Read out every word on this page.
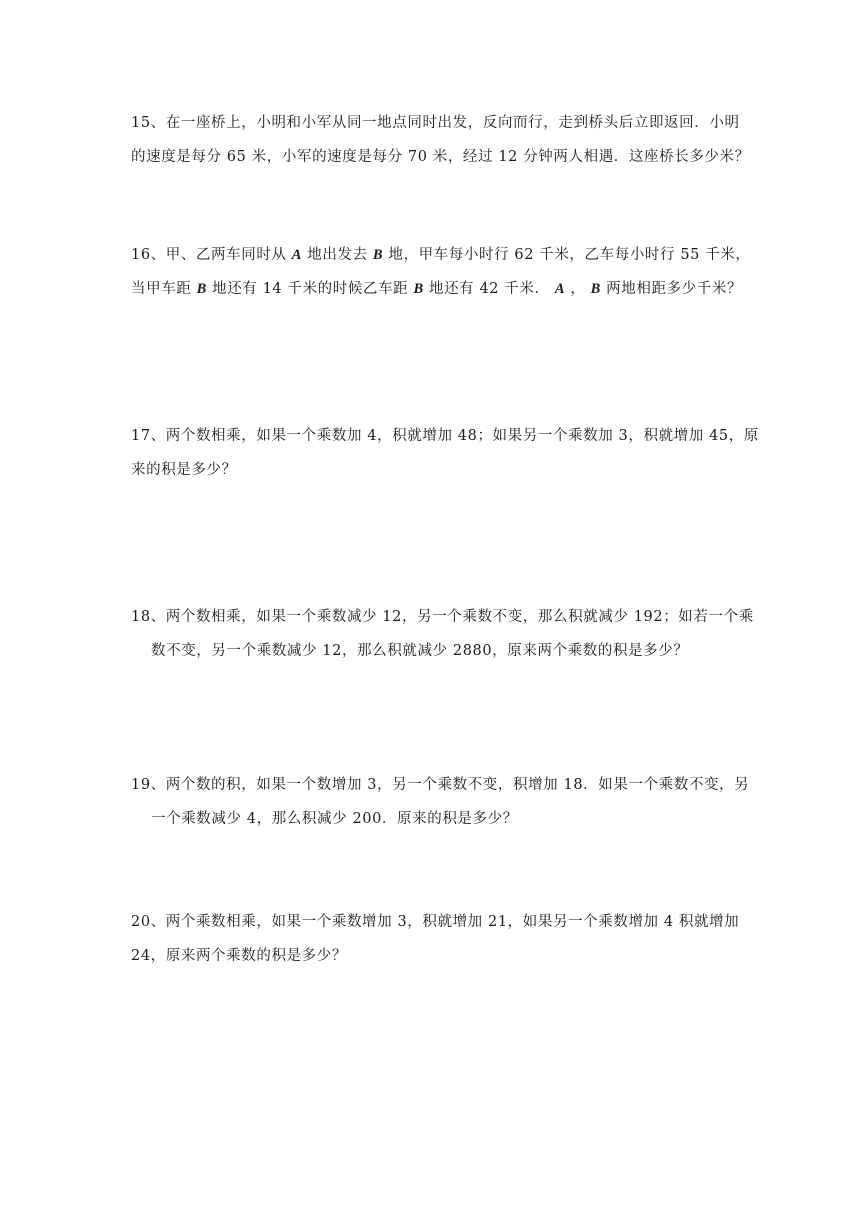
15、在一座桥上，小明和小军从同一地点同时出发，反向而行，走到桥头后立即返回．小明
的速度是每分 65 米，小军的速度是每分 70 米，经过 12 分钟两人相遇．这座桥长多少米？
16、甲、乙两车同时从 A 地出发去 B 地，甲车每小时行 62 千米，乙车每小时行 55 千米，
当甲车距 B 地还有 14 千米的时候乙车距 B 地还有 42 千米． A ， B 两地相距多少千米？
17、两个数相乘，如果一个乘数加 4，积就增加 48；如果另一个乘数加 3，积就增加 45，原
来的积是多少？
18、两个数相乘，如果一个乘数减少 12，另一个乘数不变，那么积就减少 192；如若一个乘
数不变，另一个乘数减少 12，那么积就减少 2880，原来两个乘数的积是多少？
19、两个数的积，如果一个数增加 3，另一个乘数不变，积增加 18．如果一个乘数不变，另
一个乘数减少 4，那么积减少 200．原来的积是多少？
20、两个乘数相乘，如果一个乘数增加 3，积就增加 21，如果另一个乘数增加 4 积就增加
24，原来两个乘数的积是多少？
